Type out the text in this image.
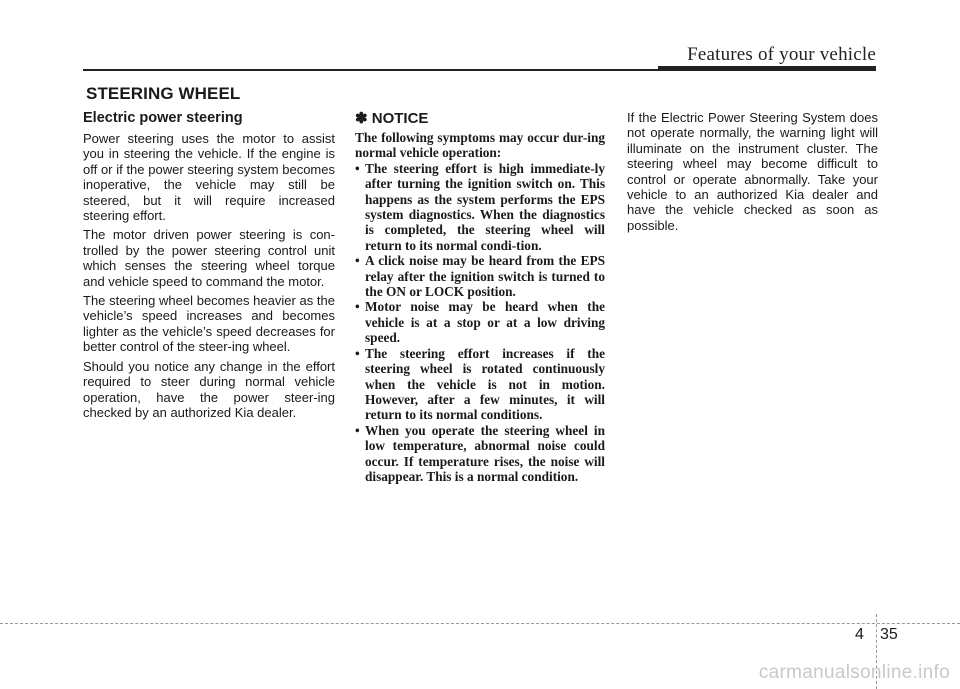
Features of your vehicle
STEERING WHEEL
Electric power steering

Power steering uses the motor to assist you in steering the vehicle. If the engine is off or if the power steering system becomes inoperative, the vehicle may still be steered, but it will require increased steering effort.

The motor driven power steering is con-trolled by the power steering control unit which senses the steering wheel torque and vehicle speed to command the motor.

The steering wheel becomes heavier as the vehicle’s speed increases and becomes lighter as the vehicle’s speed decreases for better control of the steer-ing wheel.

Should you notice any change in the effort required to steer during normal vehicle operation, have the power steer-ing checked by an authorized Kia dealer.

✽ NOTICE

The following symptoms may occur dur-ing normal vehicle operation:

• The steering effort is high immediate-ly after turning the ignition switch on. This happens as the system performs the EPS system diagnostics. When the diagnostics is completed, the steering wheel will return to its normal condi-tion.
• A click noise may be heard from the EPS relay after the ignition switch is turned to the ON or LOCK position.
• Motor noise may be heard when the vehicle is at a stop or at a low driving speed.
• The steering effort increases if the steering wheel is rotated continuously when the vehicle is not in motion. However, after a few minutes, it will return to its normal conditions.
• When you operate the steering wheel in low temperature, abnormal noise could occur. If temperature rises, the noise will disappear. This is a normal condition.

If the Electric Power Steering System does not operate normally, the warning light will illuminate on the instrument cluster. The steering wheel may become difficult to control or operate abnormally. Take your vehicle to an authorized Kia dealer and have the vehicle checked as soon as possible.

4 35
carmanualsonline.info
